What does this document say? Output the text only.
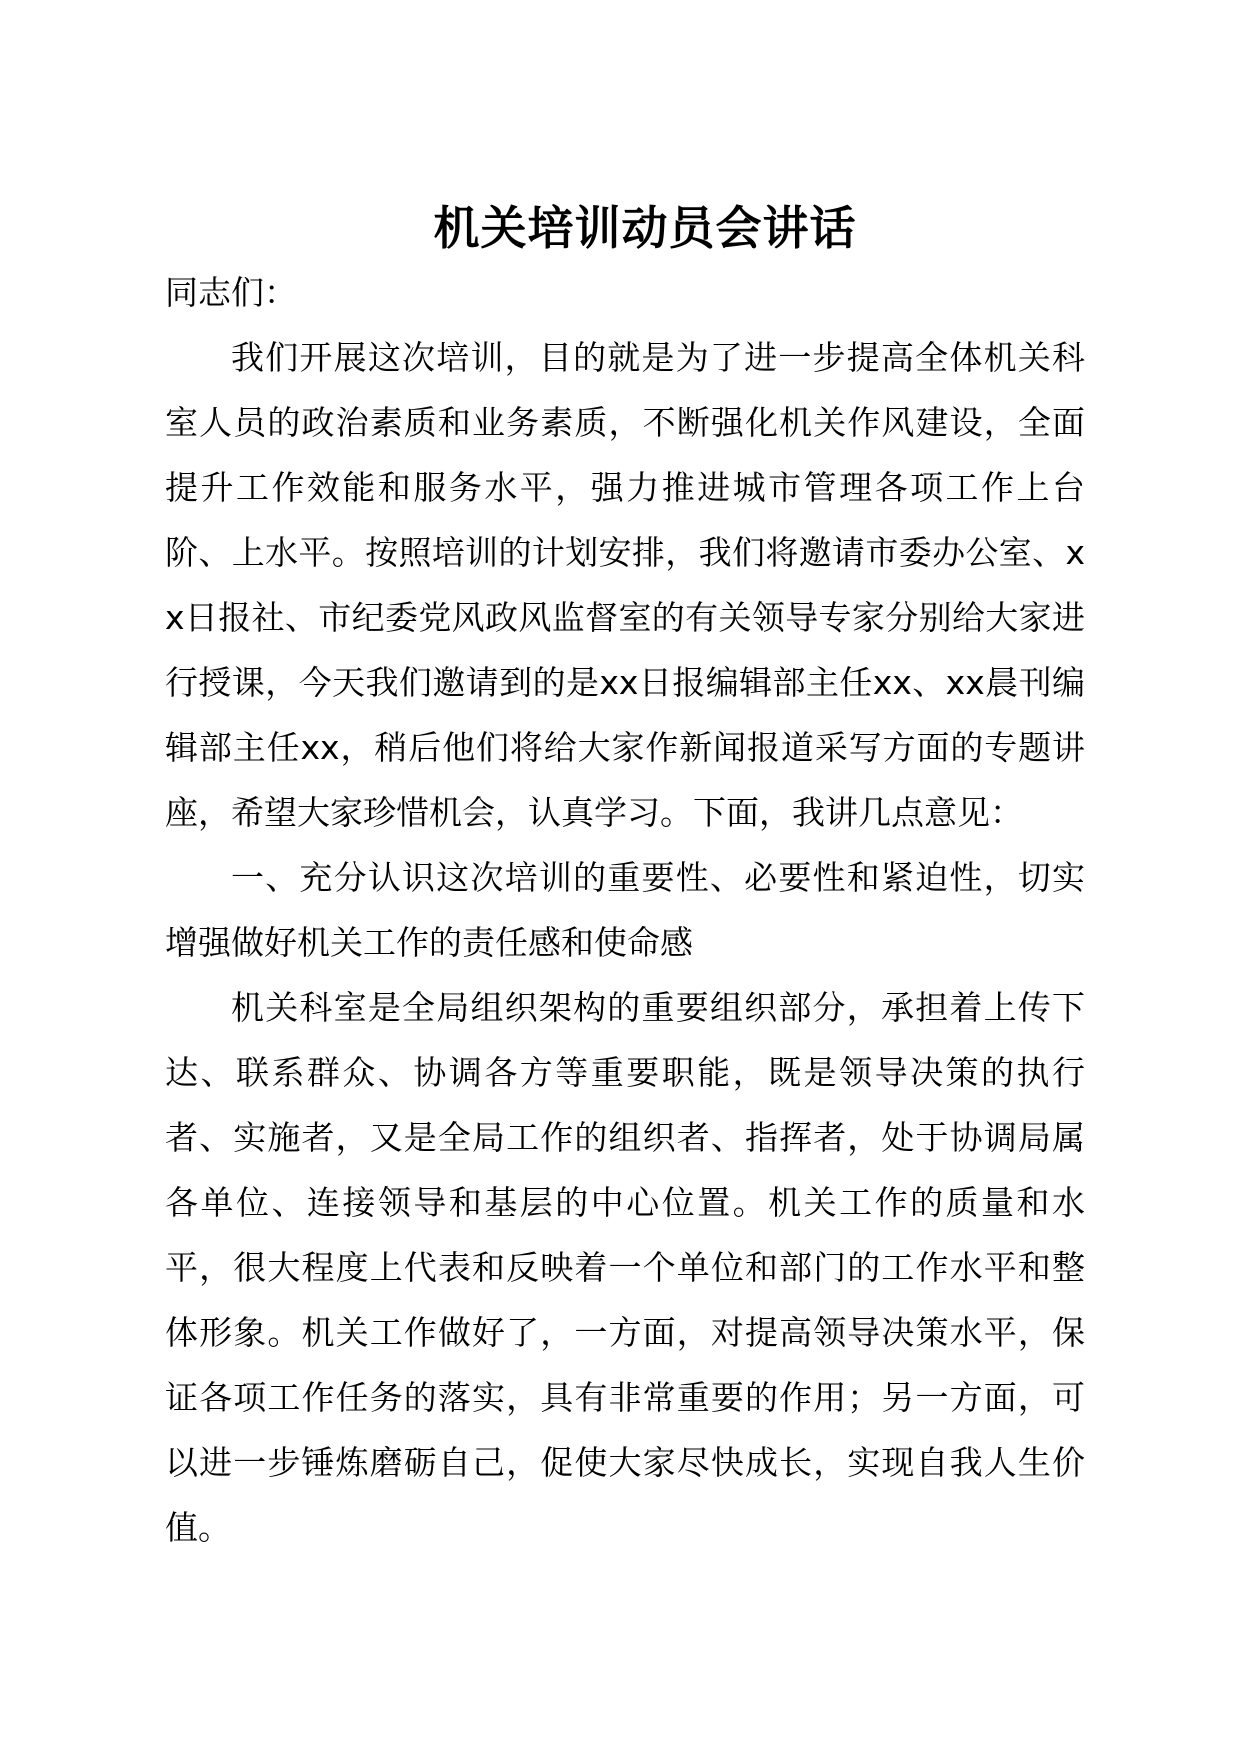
机关培训动员会讲话

同志们：

我们开展这次培训，目的就是为了进一步提高全体机关科室人员的政治素质和业务素质，不断强化机关作风建设，全面提升工作效能和服务水平，强力推进城市管理各项工作上台阶、上水平。按照培训的计划安排，我们将邀请市委办公室、xx日报社、市纪委党风政风监督室的有关领导专家分别给大家进行授课，今天我们邀请到的是xx日报编辑部主任xx、xx晨刊编辑部主任xx，稍后他们将给大家作新闻报道采写方面的专题讲座，希望大家珍惜机会，认真学习。下面，我讲几点意见：

一、充分认识这次培训的重要性、必要性和紧迫性，切实增强做好机关工作的责任感和使命感

机关科室是全局组织架构的重要组织部分，承担着上传下达、联系群众、协调各方等重要职能，既是领导决策的执行者、实施者，又是全局工作的组织者、指挥者，处于协调局属各单位、连接领导和基层的中心位置。机关工作的质量和水平，很大程度上代表和反映着一个单位和部门的工作水平和整体形象。机关工作做好了，一方面，对提高领导决策水平，保证各项工作任务的落实，具有非常重要的作用；另一方面，可以进一步锤炼磨砺自己，促使大家尽快成长，实现自我人生价值。
